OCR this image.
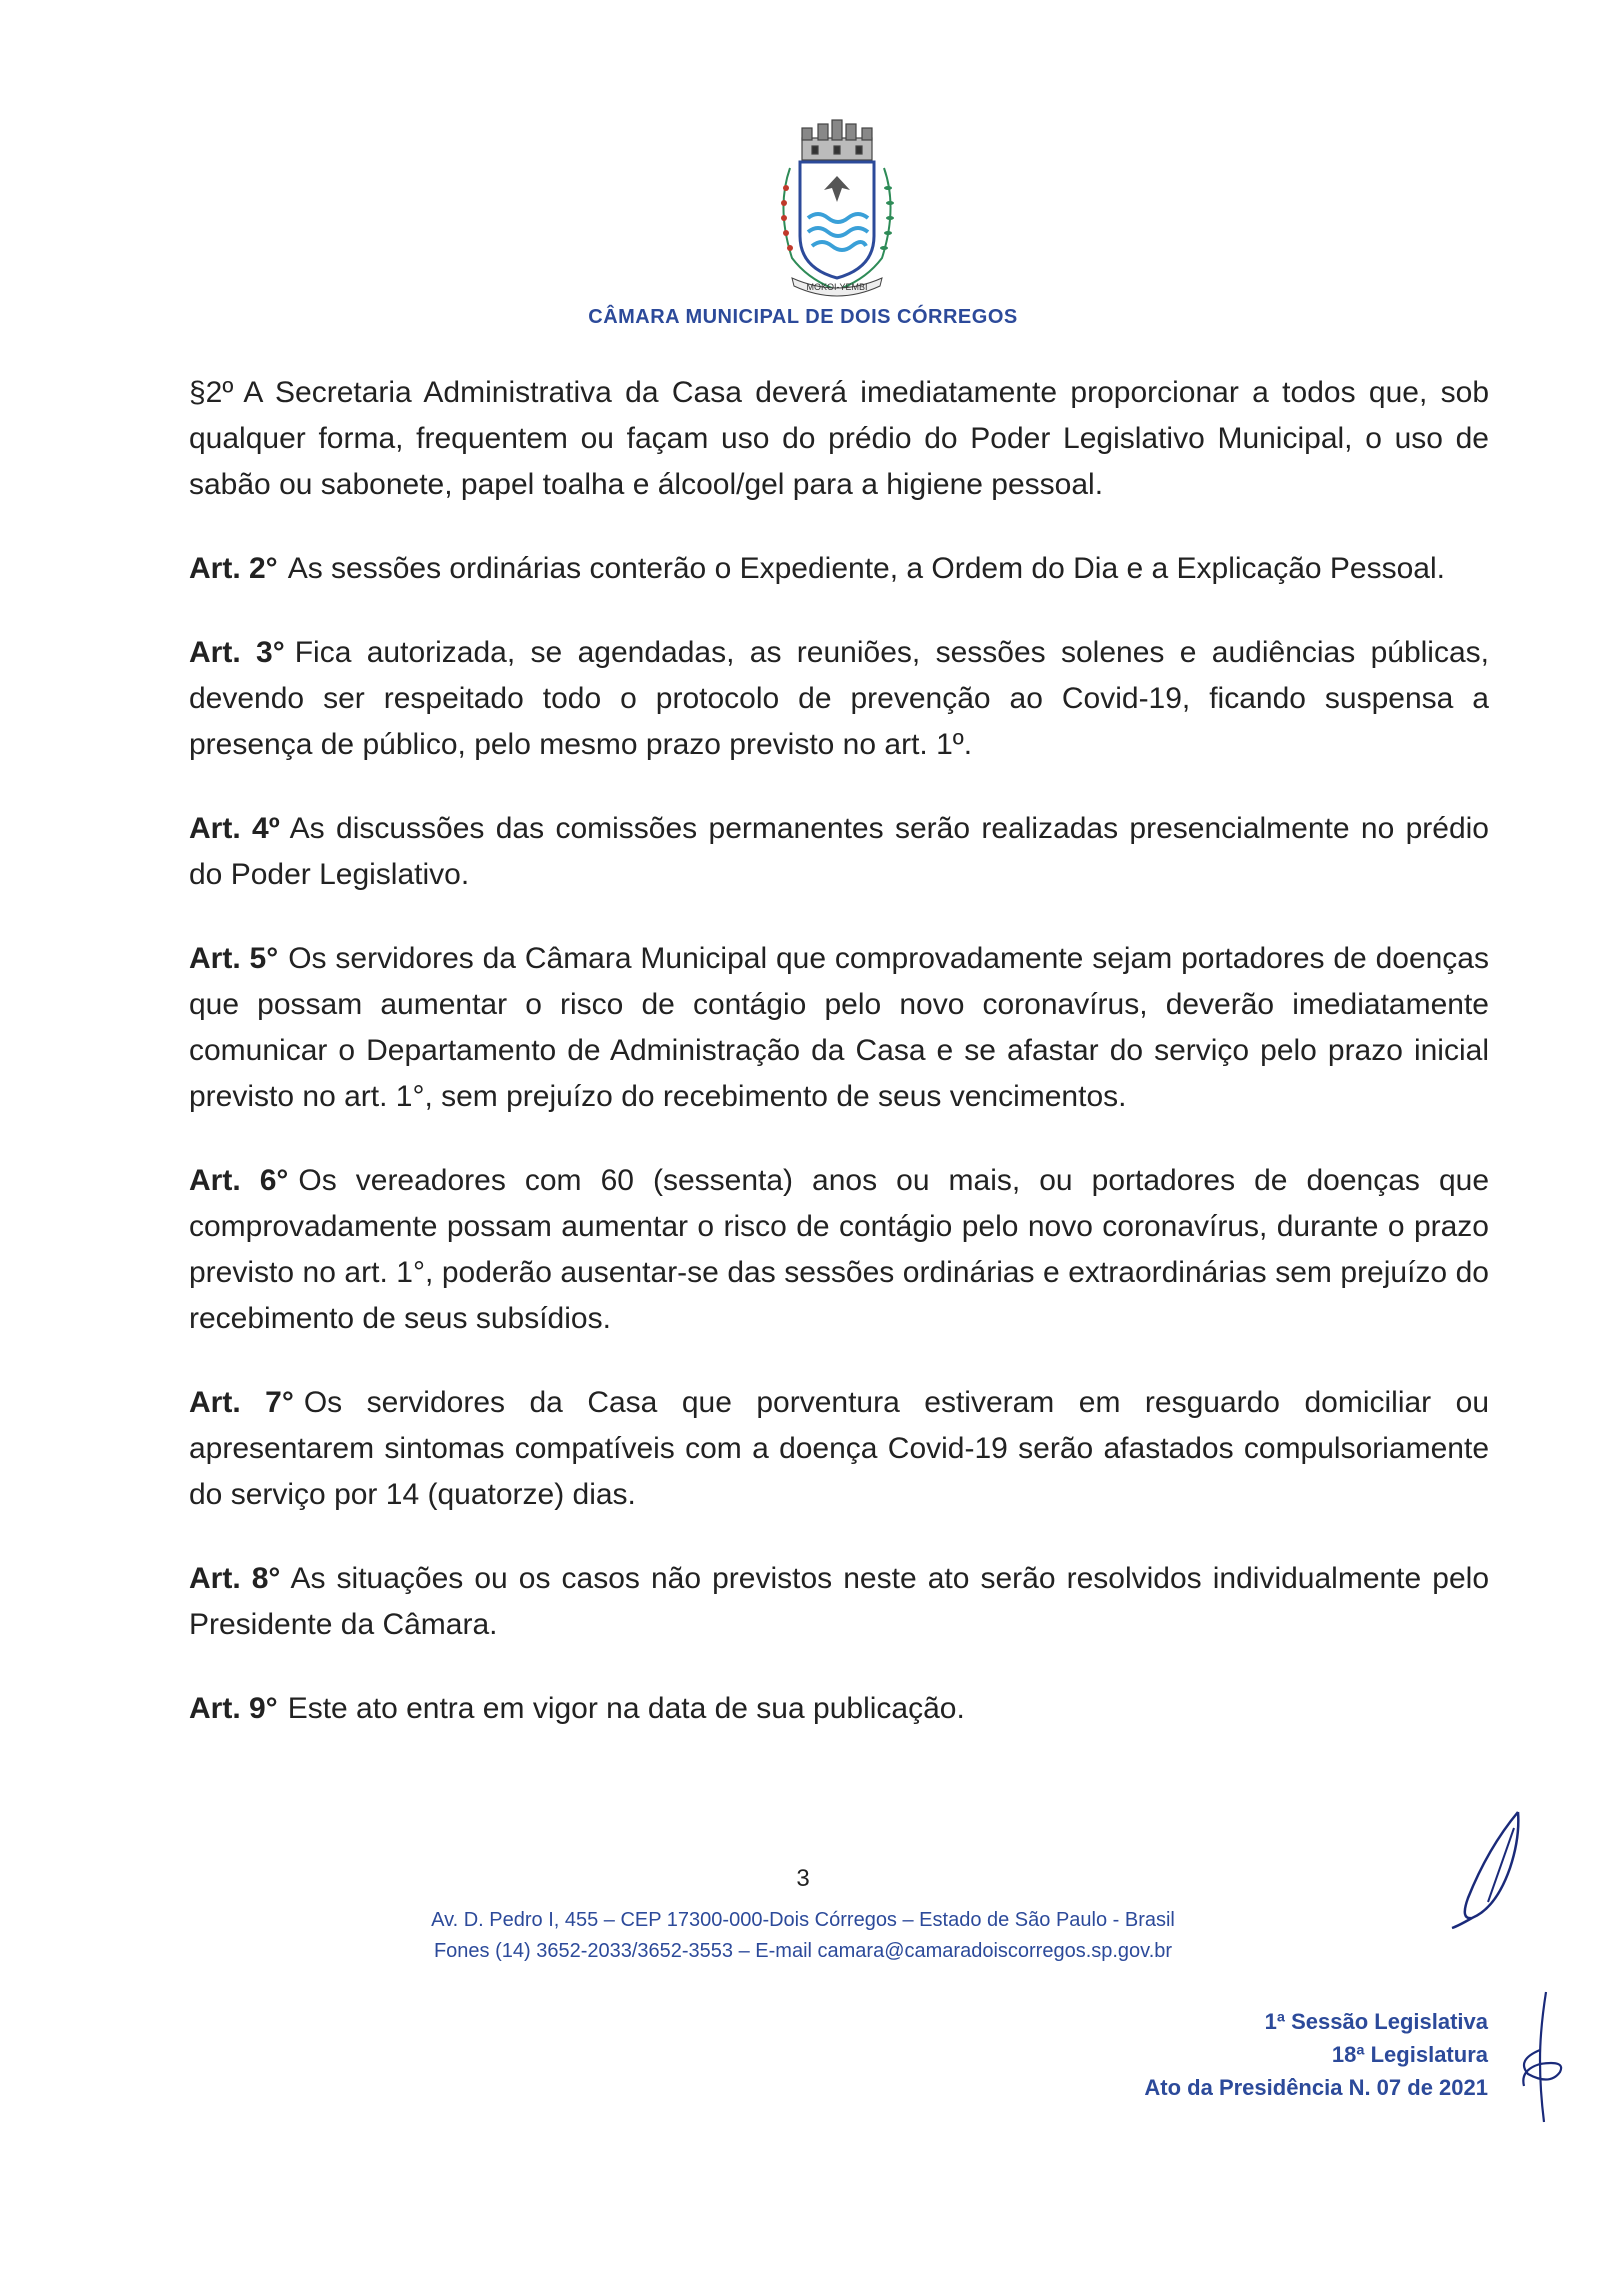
MOKOI-YEMBI
CÂMARA MUNICIPAL DE DOIS CÓRREGOS

§2º A Secretaria Administrativa da Casa deverá imediatamente proporcionar a todos que, sob qualquer forma, frequentem ou façam uso do prédio do Poder Legislativo Municipal, o uso de sabão ou sabonete, papel toalha e álcool/gel para a higiene pessoal.

Art. 2° As sessões ordinárias conterão o Expediente, a Ordem do Dia e a Explicação Pessoal.

Art. 3° Fica autorizada, se agendadas, as reuniões, sessões solenes e audiências públicas, devendo ser respeitado todo o protocolo de prevenção ao Covid-19, ficando suspensa a presença de público, pelo mesmo prazo previsto no art. 1º.

Art. 4º As discussões das comissões permanentes serão realizadas presencialmente no prédio do Poder Legislativo.

Art. 5° Os servidores da Câmara Municipal que comprovadamente sejam portadores de doenças que possam aumentar o risco de contágio pelo novo coronavírus, deverão imediatamente comunicar o Departamento de Administração da Casa e se afastar do serviço pelo prazo inicial previsto no art. 1°, sem prejuízo do recebimento de seus vencimentos.

Art. 6° Os vereadores com 60 (sessenta) anos ou mais, ou portadores de doenças que comprovadamente possam aumentar o risco de contágio pelo novo coronavírus, durante o prazo previsto no art. 1°, poderão ausentar-se das sessões ordinárias e extraordinárias sem prejuízo do recebimento de seus subsídios.

Art. 7° Os servidores da Casa que porventura estiveram em resguardo domiciliar ou apresentarem sintomas compatíveis com a doença Covid-19 serão afastados compulsoriamente do serviço por 14 (quatorze) dias.

Art. 8° As situações ou os casos não previstos neste ato serão resolvidos individualmente pelo Presidente da Câmara.

Art. 9° Este ato entra em vigor na data de sua publicação.

3
Av. D. Pedro I, 455 – CEP 17300-000-Dois Córregos – Estado de São Paulo - Brasil
Fones (14) 3652-2033/3652-3553 – E-mail camara@camaradoiscorregos.sp.gov.br
1ª Sessão Legislativa
18ª Legislatura
Ato da Presidência N. 07 de 2021
